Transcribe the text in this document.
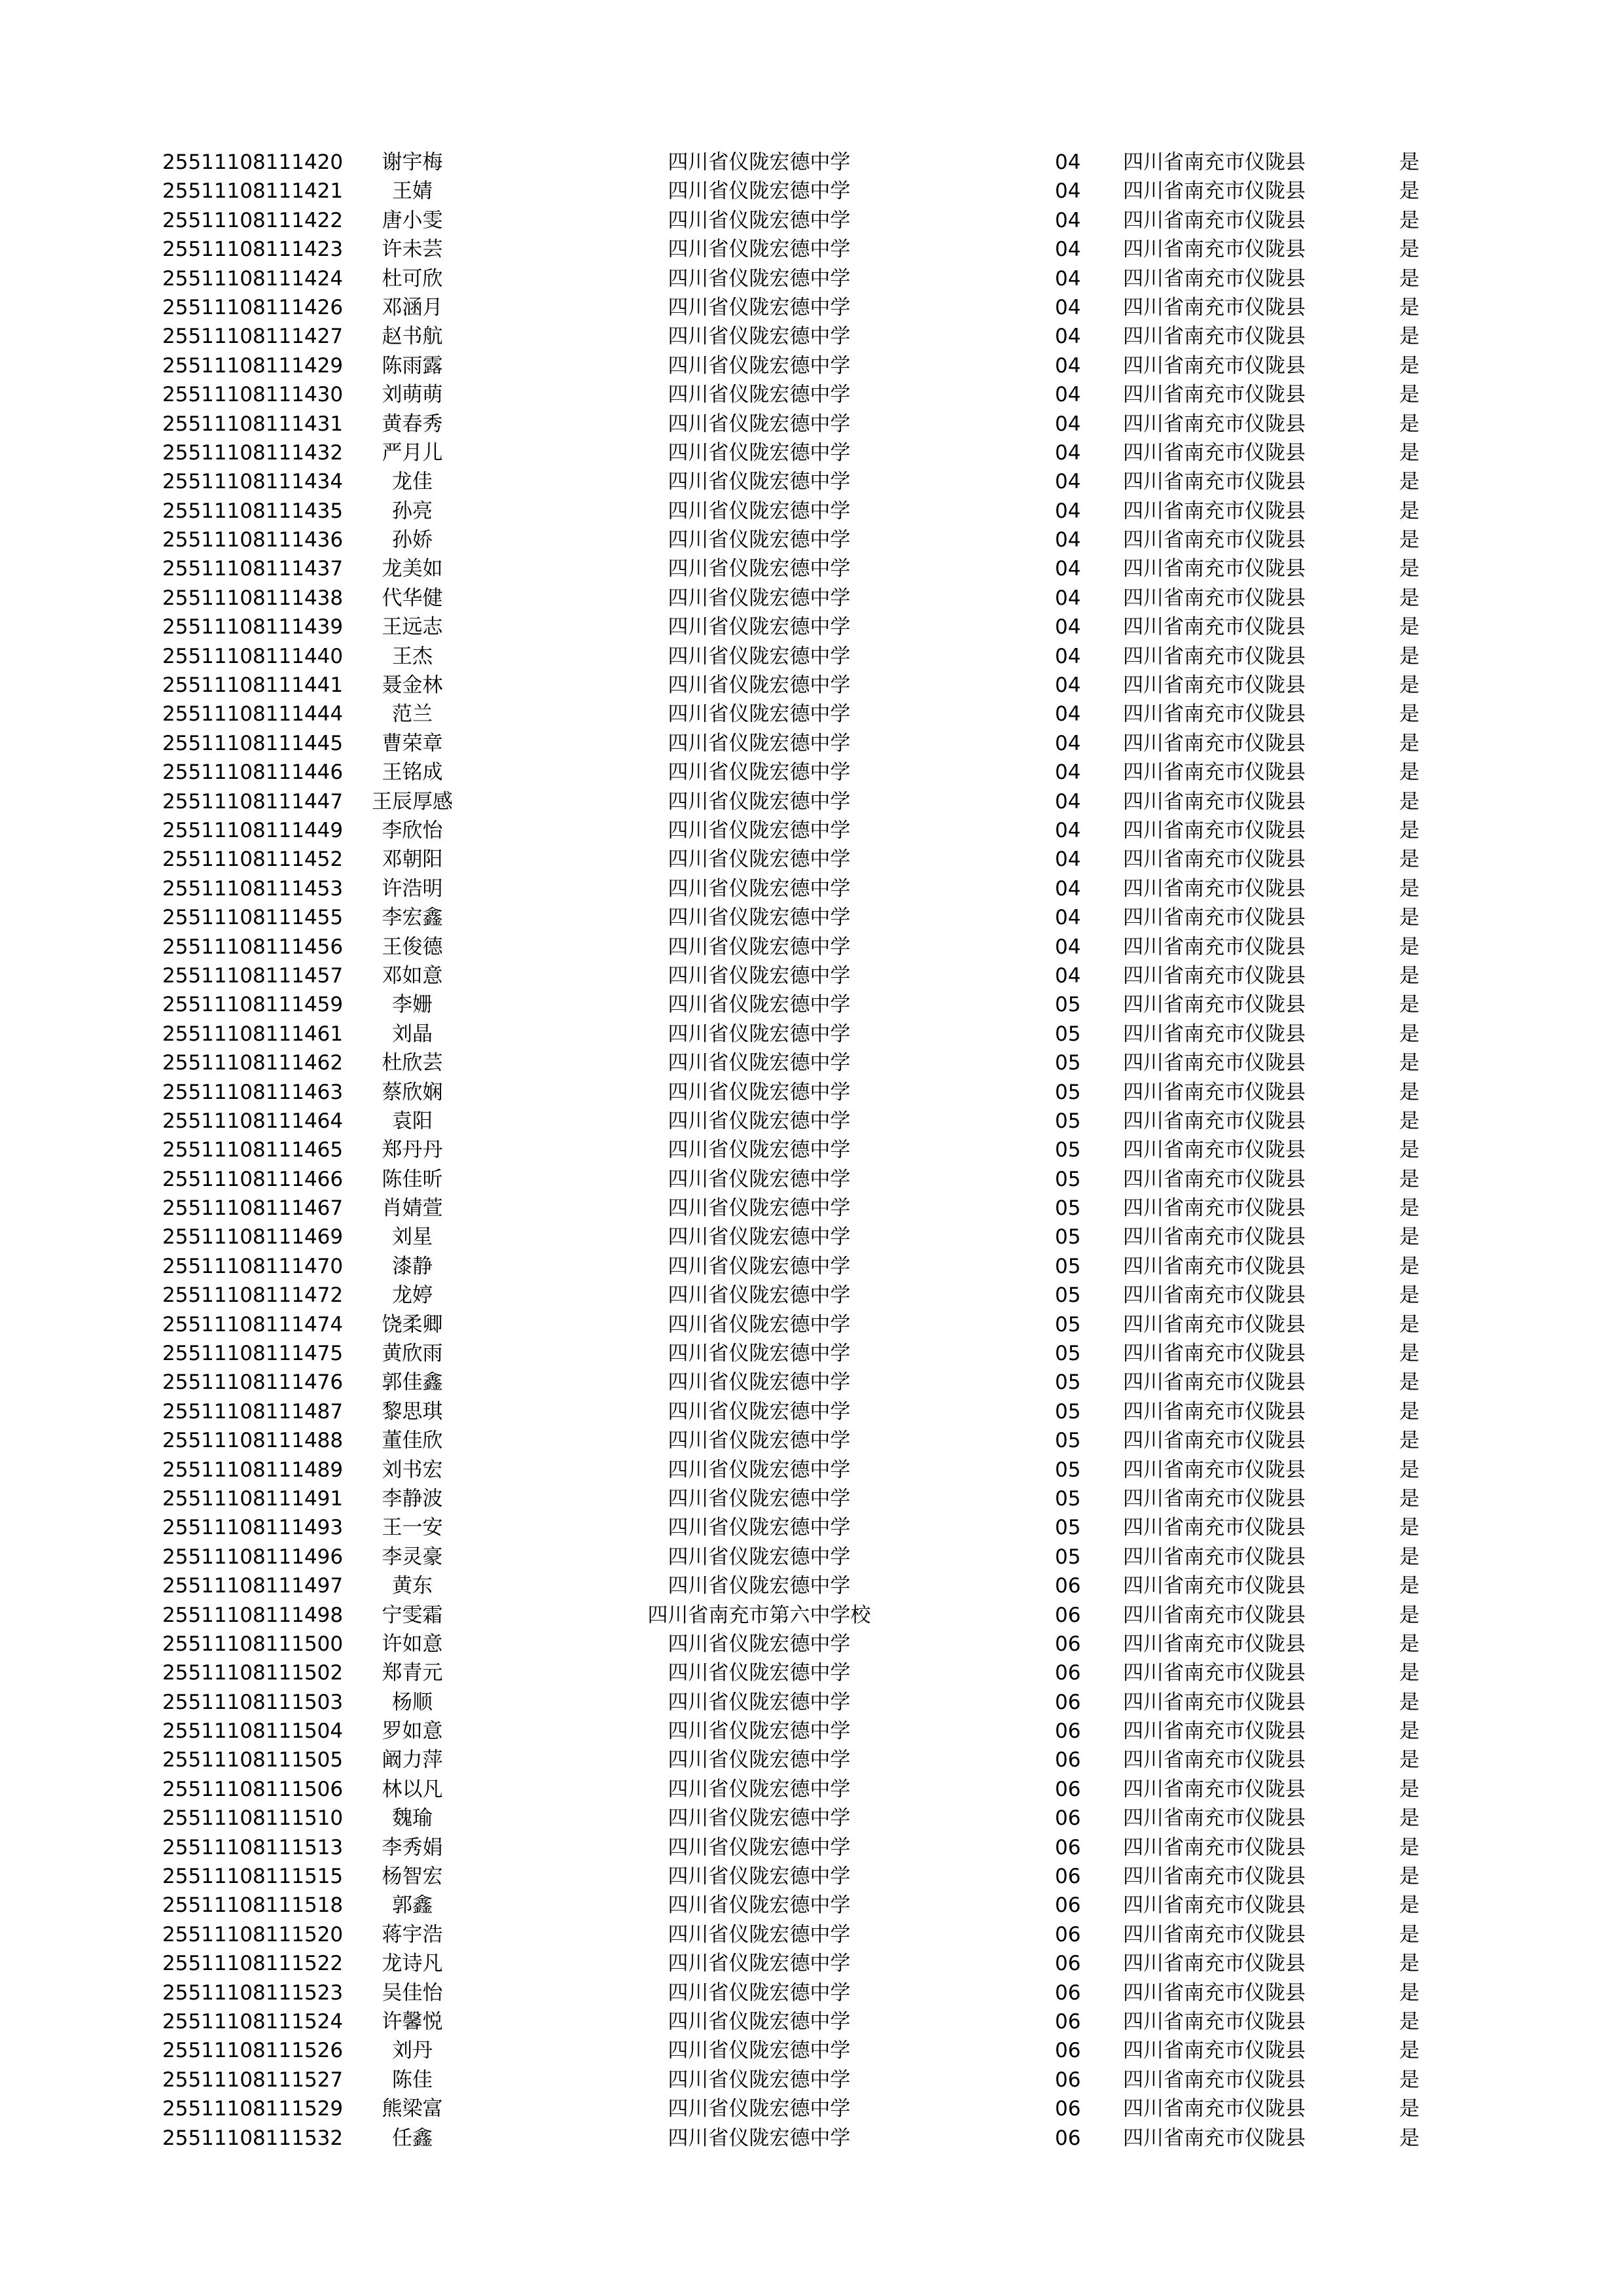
25511108111420	谢宇梅	四川省仪陇宏德中学	04 四川省南充市仪陇县	是
25511108111421	王婧	四川省仪陇宏德中学	04 四川省南充市仪陇县	是
25511108111422	唐小雯	四川省仪陇宏德中学	04 四川省南充市仪陇县	是
25511108111423	许未芸	四川省仪陇宏德中学	04 四川省南充市仪陇县	是
25511108111424	杜可欣	四川省仪陇宏德中学	04 四川省南充市仪陇县	是
25511108111426	邓涵月	四川省仪陇宏德中学	04 四川省南充市仪陇县	是
25511108111427	赵书航	四川省仪陇宏德中学	04 四川省南充市仪陇县	是
25511108111429	陈雨露	四川省仪陇宏德中学	04 四川省南充市仪陇县	是
25511108111430	刘萌萌	四川省仪陇宏德中学	04 四川省南充市仪陇县	是
25511108111431	黄春秀	四川省仪陇宏德中学	04 四川省南充市仪陇县	是
25511108111432	严月儿	四川省仪陇宏德中学	04 四川省南充市仪陇县	是
25511108111434	龙佳	四川省仪陇宏德中学	04 四川省南充市仪陇县	是
25511108111435	孙亮	四川省仪陇宏德中学	04 四川省南充市仪陇县	是
25511108111436	孙娇	四川省仪陇宏德中学	04 四川省南充市仪陇县	是
25511108111437	龙美如	四川省仪陇宏德中学	04 四川省南充市仪陇县	是
25511108111438	代华健	四川省仪陇宏德中学	04 四川省南充市仪陇县	是
25511108111439	王远志	四川省仪陇宏德中学	04 四川省南充市仪陇县	是
25511108111440	王杰	四川省仪陇宏德中学	04 四川省南充市仪陇县	是
25511108111441	聂金林	四川省仪陇宏德中学	04 四川省南充市仪陇县	是
25511108111444	范兰	四川省仪陇宏德中学	04 四川省南充市仪陇县	是
25511108111445	曹荣章	四川省仪陇宏德中学	04 四川省南充市仪陇县	是
25511108111446	王铭成	四川省仪陇宏德中学	04 四川省南充市仪陇县	是
25511108111447	王辰厚感	四川省仪陇宏德中学	04 四川省南充市仪陇县	是
25511108111449	李欣怡	四川省仪陇宏德中学	04 四川省南充市仪陇县	是
25511108111452	邓朝阳	四川省仪陇宏德中学	04 四川省南充市仪陇县	是
25511108111453	许浩明	四川省仪陇宏德中学	04 四川省南充市仪陇县	是
25511108111455	李宏鑫	四川省仪陇宏德中学	04 四川省南充市仪陇县	是
25511108111456	王俊德	四川省仪陇宏德中学	04 四川省南充市仪陇县	是
25511108111457	邓如意	四川省仪陇宏德中学	04 四川省南充市仪陇县	是
25511108111459	李姗	四川省仪陇宏德中学	05 四川省南充市仪陇县	是
25511108111461	刘晶	四川省仪陇宏德中学	05 四川省南充市仪陇县	是
25511108111462	杜欣芸	四川省仪陇宏德中学	05 四川省南充市仪陇县	是
25511108111463	蔡欣娴	四川省仪陇宏德中学	05 四川省南充市仪陇县	是
25511108111464	袁阳	四川省仪陇宏德中学	05 四川省南充市仪陇县	是
25511108111465	郑丹丹	四川省仪陇宏德中学	05 四川省南充市仪陇县	是
25511108111466	陈佳昕	四川省仪陇宏德中学	05 四川省南充市仪陇县	是
25511108111467	肖婧萱	四川省仪陇宏德中学	05 四川省南充市仪陇县	是
25511108111469	刘星	四川省仪陇宏德中学	05 四川省南充市仪陇县	是
25511108111470	漆静	四川省仪陇宏德中学	05 四川省南充市仪陇县	是
25511108111472	龙婷	四川省仪陇宏德中学	05 四川省南充市仪陇县	是
25511108111474	饶柔卿	四川省仪陇宏德中学	05 四川省南充市仪陇县	是
25511108111475	黄欣雨	四川省仪陇宏德中学	05 四川省南充市仪陇县	是
25511108111476	郭佳鑫	四川省仪陇宏德中学	05 四川省南充市仪陇县	是
25511108111487	黎思琪	四川省仪陇宏德中学	05 四川省南充市仪陇县	是
25511108111488	董佳欣	四川省仪陇宏德中学	05 四川省南充市仪陇县	是
25511108111489	刘书宏	四川省仪陇宏德中学	05 四川省南充市仪陇县	是
25511108111491	李静波	四川省仪陇宏德中学	05 四川省南充市仪陇县	是
25511108111493	王一安	四川省仪陇宏德中学	05 四川省南充市仪陇县	是
25511108111496	李灵豪	四川省仪陇宏德中学	05 四川省南充市仪陇县	是
25511108111497	黄东	四川省仪陇宏德中学	06 四川省南充市仪陇县	是
25511108111498	宁雯霜	四川省南充市第六中学校	06 四川省南充市仪陇县	是
25511108111500	许如意	四川省仪陇宏德中学	06 四川省南充市仪陇县	是
25511108111502	郑青元	四川省仪陇宏德中学	06 四川省南充市仪陇县	是
25511108111503	杨顺	四川省仪陇宏德中学	06 四川省南充市仪陇县	是
25511108111504	罗如意	四川省仪陇宏德中学	06 四川省南充市仪陇县	是
25511108111505	阚力萍	四川省仪陇宏德中学	06 四川省南充市仪陇县	是
25511108111506	林以凡	四川省仪陇宏德中学	06 四川省南充市仪陇县	是
25511108111510	魏瑜	四川省仪陇宏德中学	06 四川省南充市仪陇县	是
25511108111513	李秀娟	四川省仪陇宏德中学	06 四川省南充市仪陇县	是
25511108111515	杨智宏	四川省仪陇宏德中学	06 四川省南充市仪陇县	是
25511108111518	郭鑫	四川省仪陇宏德中学	06 四川省南充市仪陇县	是
25511108111520	蒋宇浩	四川省仪陇宏德中学	06 四川省南充市仪陇县	是
25511108111522	龙诗凡	四川省仪陇宏德中学	06 四川省南充市仪陇县	是
25511108111523	吴佳怡	四川省仪陇宏德中学	06 四川省南充市仪陇县	是
25511108111524	许馨悦	四川省仪陇宏德中学	06 四川省南充市仪陇县	是
25511108111526	刘丹	四川省仪陇宏德中学	06 四川省南充市仪陇县	是
25511108111527	陈佳	四川省仪陇宏德中学	06 四川省南充市仪陇县	是
25511108111529	熊梁富	四川省仪陇宏德中学	06 四川省南充市仪陇县	是
25511108111532	任鑫	四川省仪陇宏德中学	06 四川省南充市仪陇县	是
